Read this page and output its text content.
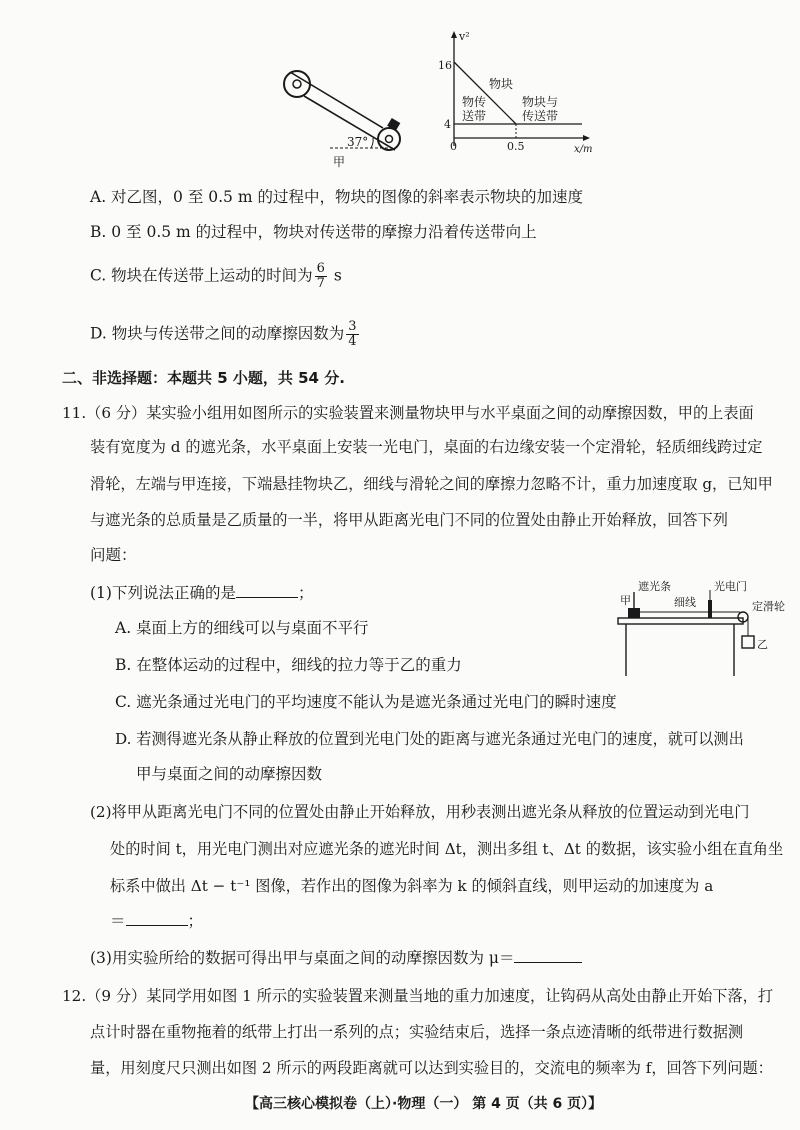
37°
甲
v²
16
4
0	0.5	x/m
物块
物传
送带
物块与
传送带
A. 对乙图，0 至 0.5 m 的过程中，物块的图像的斜率表示物块的加速度
B. 0 至 0.5 m 的过程中，物块对传送带的摩擦力沿着传送带向上
C. 物块在传送带上运动的时间为 $\frac{6}{7}$ s
D. 物块与传送带之间的动摩擦因数为 $\frac{3}{4}$
二、非选择题：本题共 5 小题，共 54 分.
11.（6 分）某实验小组用如图所示的实验装置来测量物块甲与水平桌面之间的动摩擦因数，甲的上表面
装有宽度为 d 的遮光条，水平桌面上安装一光电门，桌面的右边缘安装一个定滑轮，轻质细线跨过定
滑轮，左端与甲连接，下端悬挂物块乙，细线与滑轮之间的摩擦力忽略不计，重力加速度取 g，已知甲
与遮光条的总质量是乙质量的一半，将甲从距离光电门不同的位置处由静止开始释放，回答下列
问题：
(1)下列说法正确的是	；	甲
遮光条
细线
光电门
定滑轮
乙
A. 桌面上方的细线可以与桌面不平行
B. 在整体运动的过程中，细线的拉力等于乙的重力
C. 遮光条通过光电门的平均速度不能认为是遮光条通过光电门的瞬时速度
D. 若测得遮光条从静止释放的位置到光电门处的距离与遮光条通过光电门的速度，就可以测出
甲与桌面之间的动摩擦因数
(2)将甲从距离光电门不同的位置处由静止开始释放，用秒表测出遮光条从释放的位置运动到光电门
处的时间 t，用光电门测出对应遮光条的遮光时间 Δt，测出多组 t、Δt 的数据，该实验小组在直角坐
标系中做出 Δt − t⁻¹ 图像，若作出的图像为斜率为 k 的倾斜直线，则甲运动的加速度为 a
＝	；
(3)用实验所给的数据可得出甲与桌面之间的动摩擦因数为 μ＝
12.（9 分）某同学用如图 1 所示的实验装置来测量当地的重力加速度，让钩码从高处由静止开始下落，打
点计时器在重物拖着的纸带上打出一系列的点；实验结束后，选择一条点迹清晰的纸带进行数据测
量，用刻度尺只测出如图 2 所示的两段距离就可以达到实验目的，交流电的频率为 f，回答下列问题：
【高三核心模拟卷（上）·物理（一） 第 4 页（共 6 页）】
